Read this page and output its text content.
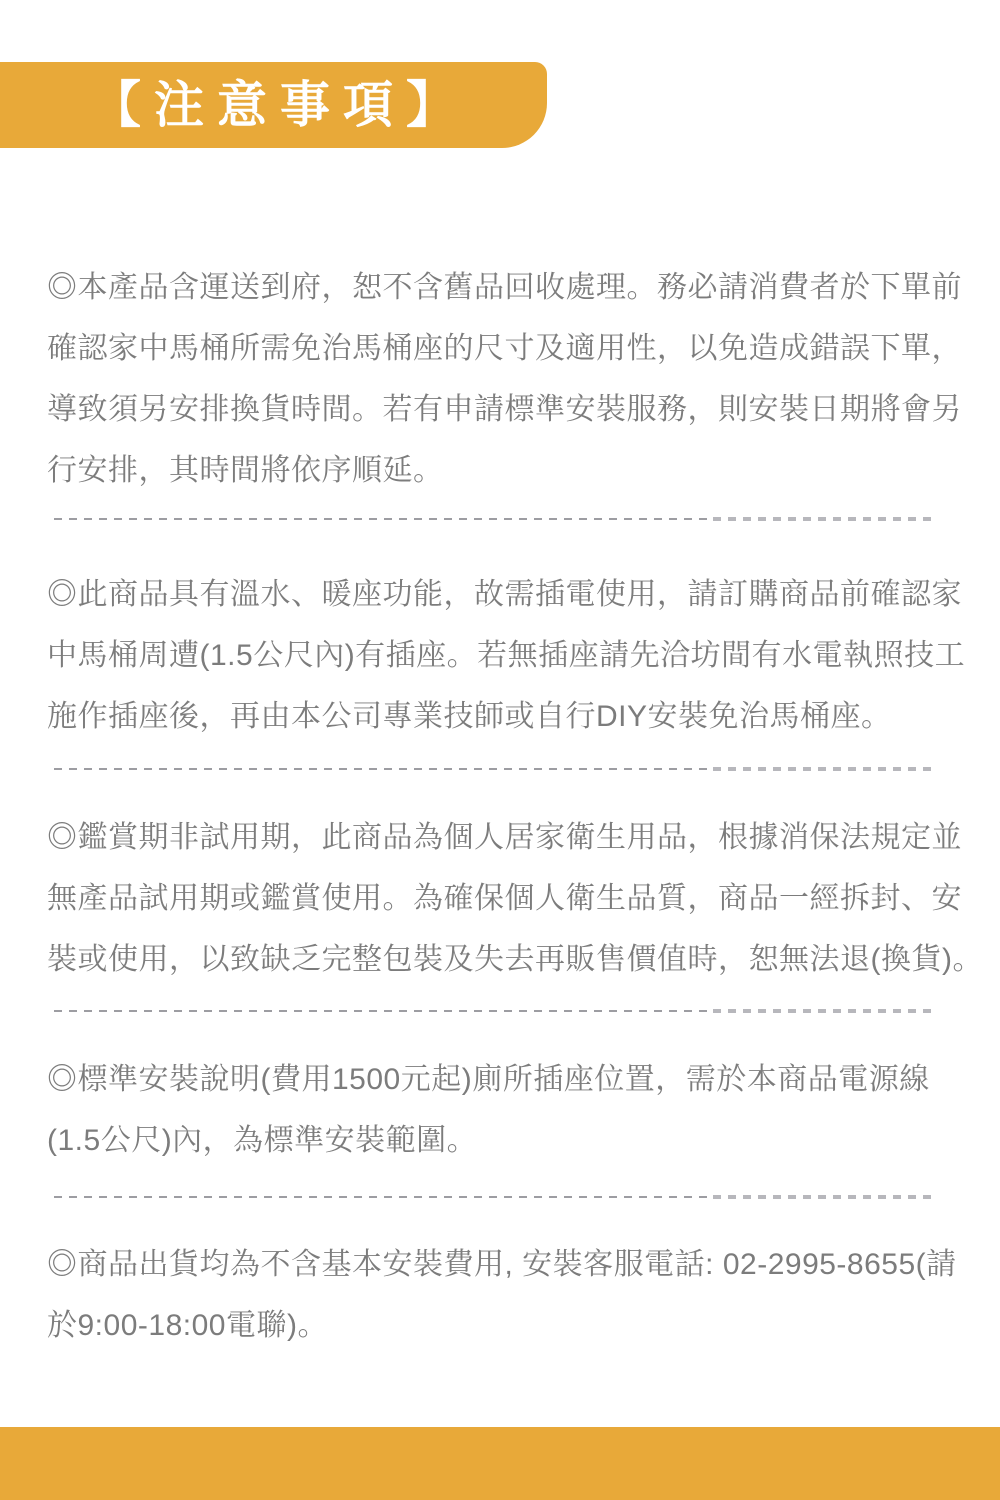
【注意事項】
◎本產品含運送到府，恕不含舊品回收處理。務必請消費者於下單前
確認家中馬桶所需免治馬桶座的尺寸及適用性，以免造成錯誤下單，
導致須另安排換貨時間。若有申請標準安裝服務，則安裝日期將會另
行安排，其時間將依序順延。
◎此商品具有溫水、暖座功能，故需插電使用，請訂購商品前確認家
中馬桶周遭(1.5公尺內)有插座。若無插座請先洽坊間有水電執照技工
施作插座後，再由本公司專業技師或自行DIY安裝免治馬桶座。
◎鑑賞期非試用期，此商品為個人居家衛生用品，根據消保法規定並
無產品試用期或鑑賞使用。為確保個人衛生品質，商品一經拆封、安
裝或使用，以致缺乏完整包裝及失去再販售價值時，恕無法退(換貨)。
◎標準安裝說明(費用1500元起)廁所插座位置，需於本商品電源線
(1.5公尺)內，為標準安裝範圍。
◎商品出貨均為不含基本安裝費用, 安裝客服電話: 02-2995-8655(請
於9:00-18:00電聯)。
